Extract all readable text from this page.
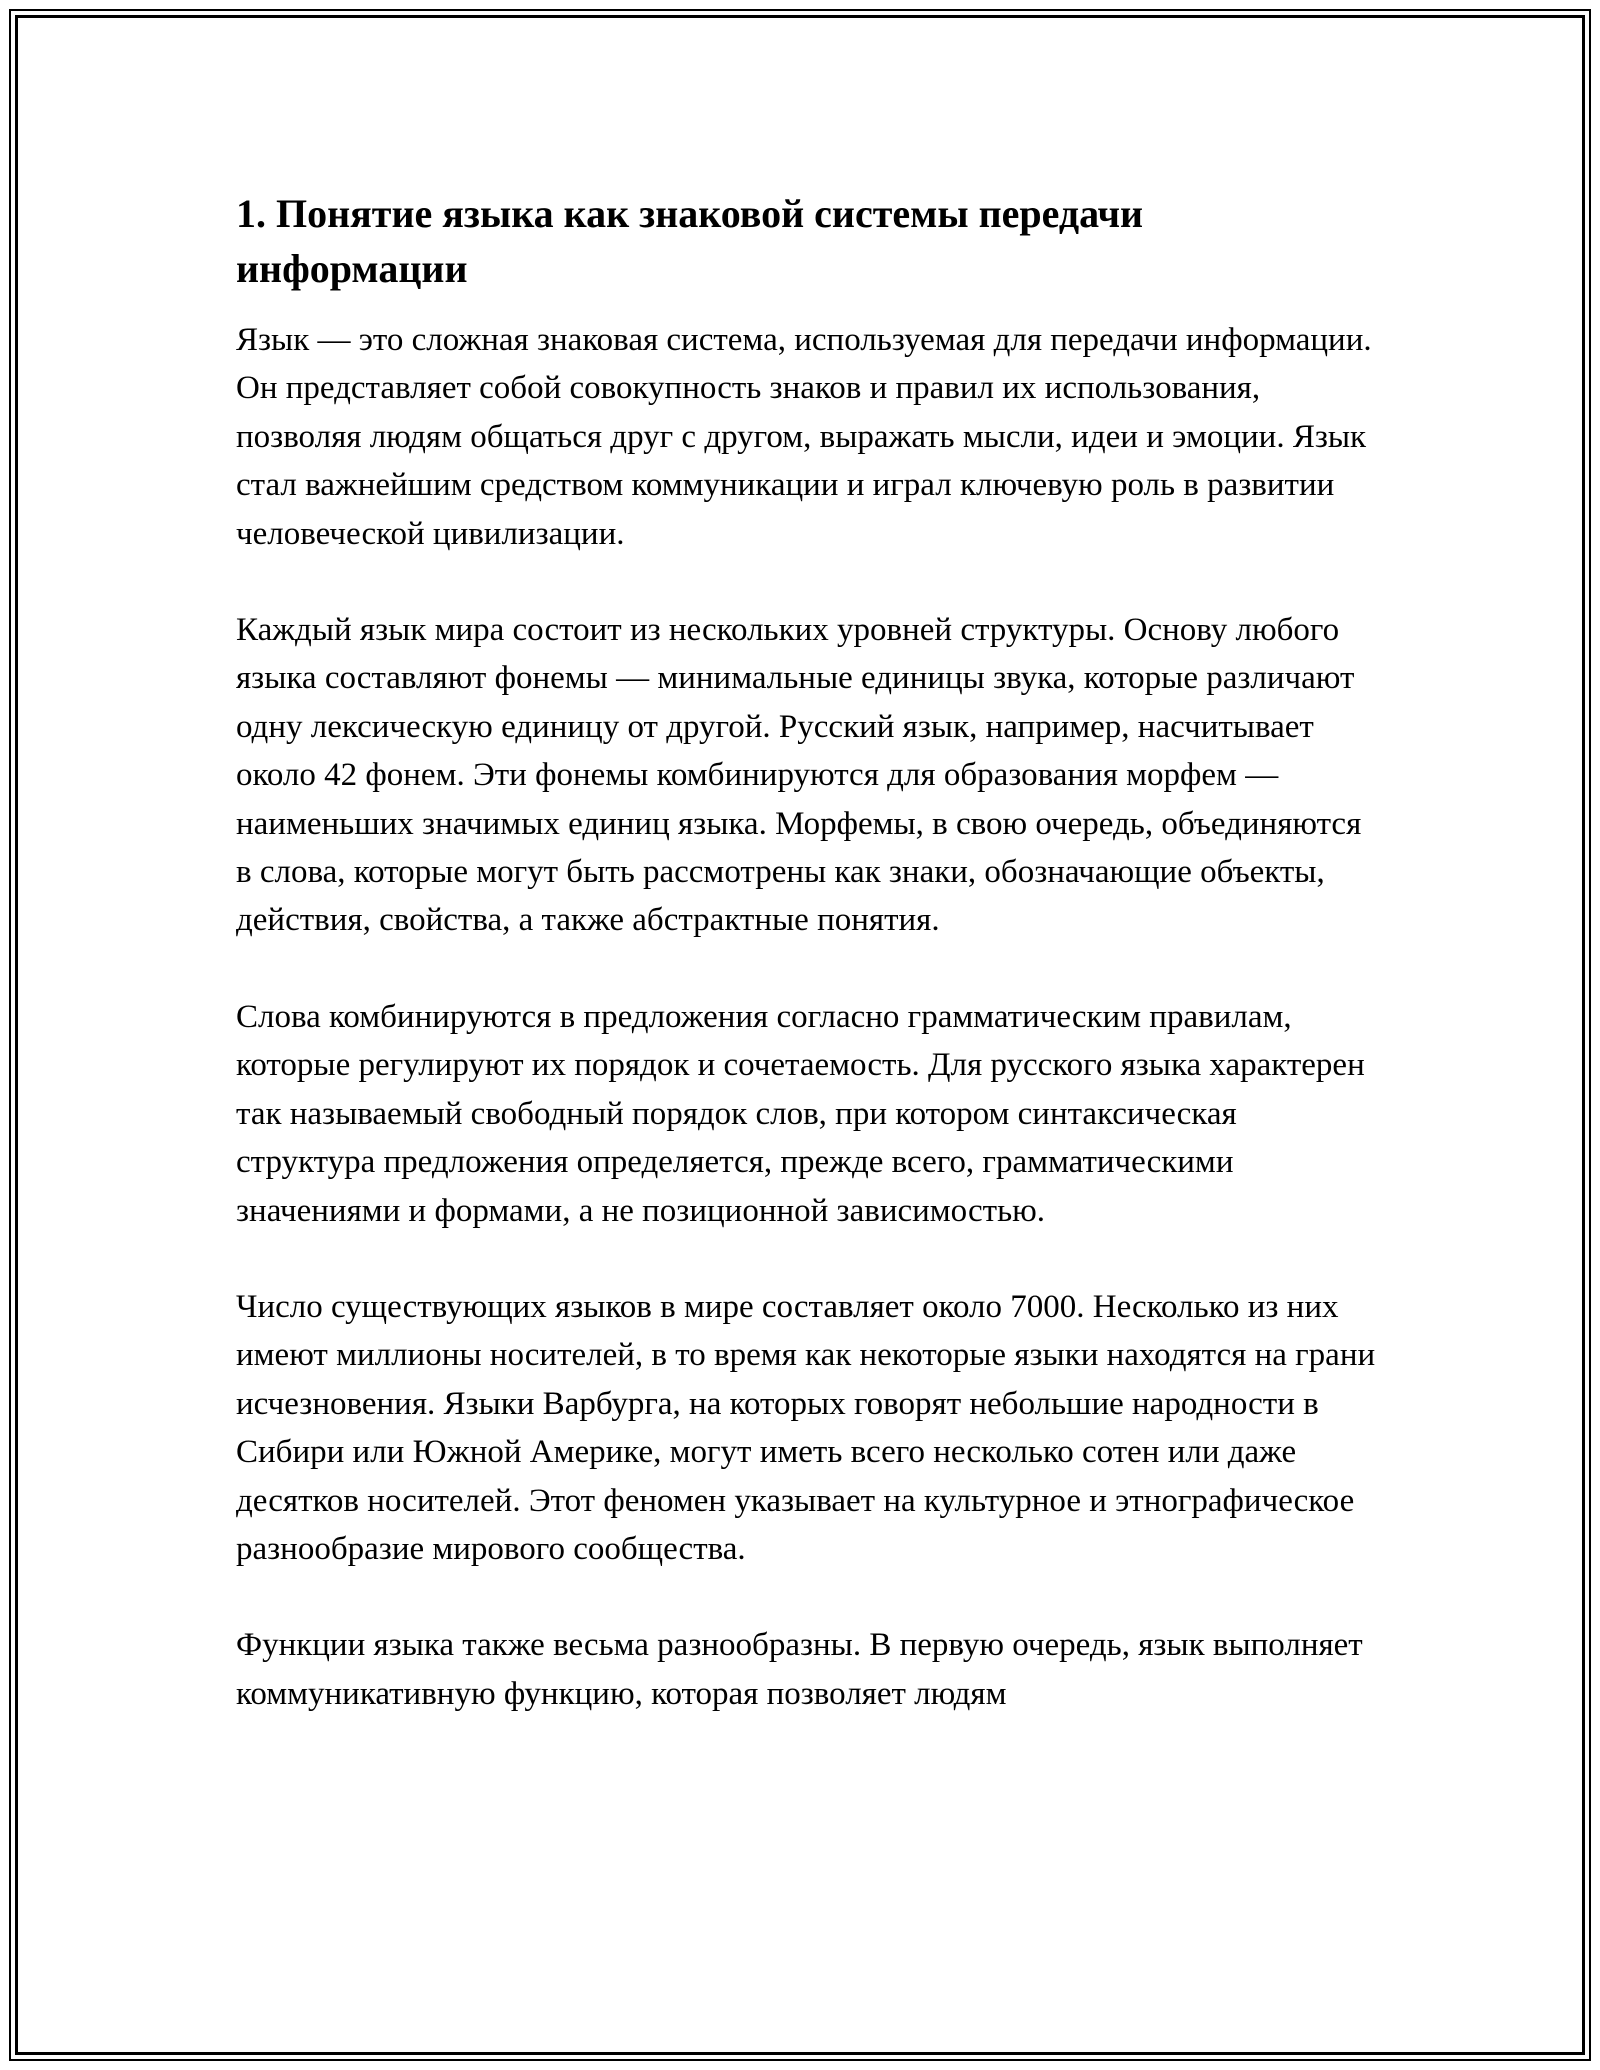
1. Понятие языка как знаковой системы передачи информации

Язык — это сложная знаковая система, используемая для передачи информации. Он представляет собой совокупность знаков и правил их использования, позволяя людям общаться друг с другом, выражать мысли, идеи и эмоции. Язык стал важнейшим средством коммуникации и играл ключевую роль в развитии человеческой цивилизации.

Каждый язык мира состоит из нескольких уровней структуры. Основу любого языка составляют фонемы — минимальные единицы звука, которые различают одну лексическую единицу от другой. Русский язык, например, насчитывает около 42 фонем. Эти фонемы комбинируются для образования морфем — наименьших значимых единиц языка. Морфемы, в свою очередь, объединяются в слова, которые могут быть рассмотрены как знаки, обозначающие объекты, действия, свойства, а также абстрактные понятия.

Слова комбинируются в предложения согласно грамматическим правилам, которые регулируют их порядок и сочетаемость. Для русского языка характерен так называемый свободный порядок слов, при котором синтаксическая структура предложения определяется, прежде всего, грамматическими значениями и формами, а не позиционной зависимостью.

Число существующих языков в мире составляет около 7000. Несколько из них имеют миллионы носителей, в то время как некоторые языки находятся на грани исчезновения. Языки Варбурга, на которых говорят небольшие народности в Сибири или Южной Америке, могут иметь всего несколько сотен или даже десятков носителей. Этот феномен указывает на культурное и этнографическое разнообразие мирового сообщества.

Функции языка также весьма разнообразны. В первую очередь, язык выполняет коммуникативную функцию, которая позволяет людям
